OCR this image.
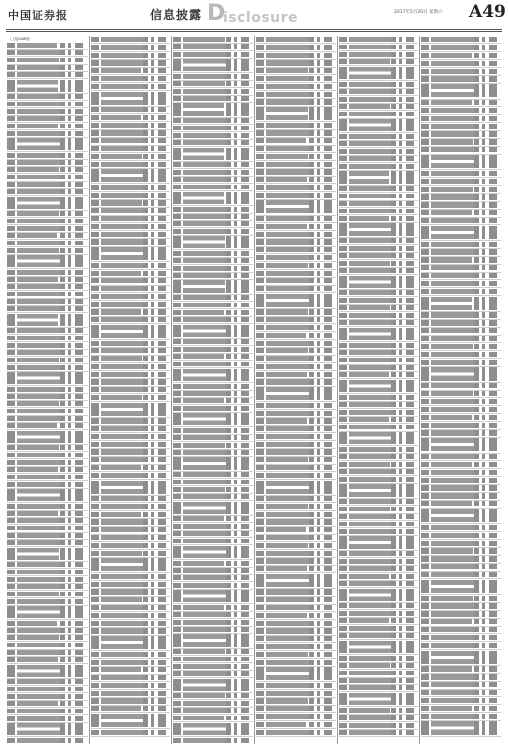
中国证券报	信息披露 D
isclosure	2017年5月20日 星期六 A49
（上接A48版）
